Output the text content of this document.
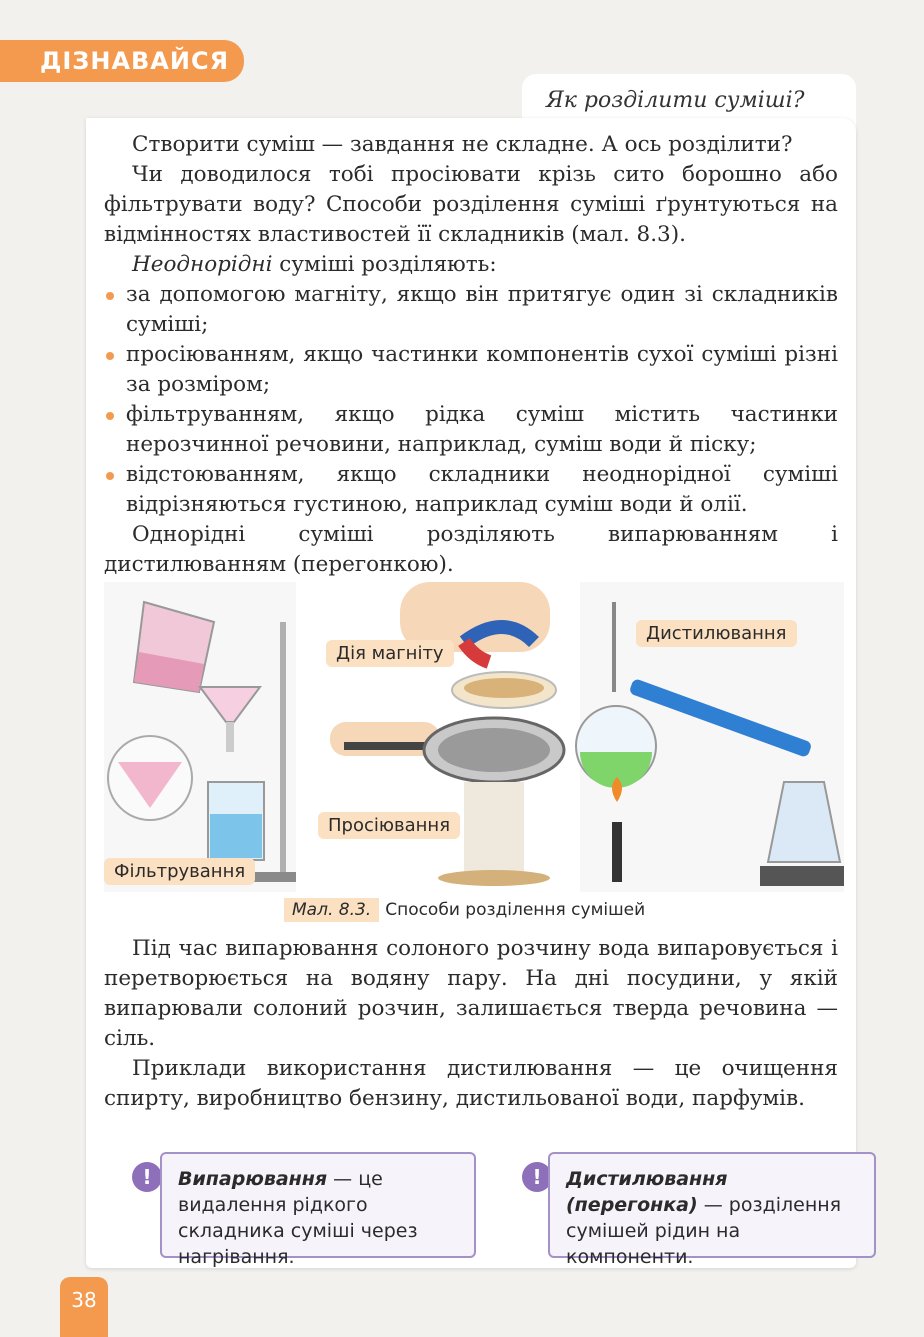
ДІЗНАВАЙСЯ
Як розділити суміші?

Створити суміш — завдання не складне. А ось розділити?

Чи доводилося тобі просіювати крізь сито борошно або фільтрувати воду? Способи розділення суміші ґрунтуються на відмінностях властивостей її складників (мал. 8.3).

Неоднорідні суміші розділяють:

за допомогою магніту, якщо він притягує один зі складників суміші;
просіюванням, якщо частинки компонентів сухої суміші різні за розміром;
фільтруванням, якщо рідка суміш містить частинки нерозчинної речовини, наприклад, суміш води й піску;
відстоюванням, якщо складники неоднорідної суміші відрізняються густиною, наприклад суміш води й олії.

Однорідні суміші розділяють випарюванням і дистилюванням (перегонкою).

Фільтрування
Дія магніту
Просіювання
Дистилювання
Мал. 8.3. Способи розділення сумішей

Під час випарювання солоного розчину вода випаровується і перетворюється на водяну пару. На дні посудини, у якій випарювали солоний розчин, залишається тверда речовина — сіль.

Приклади використання дистилювання — це очищення спирту, виробництво бензину, дистильованої води, парфумів.

!	Випарювання — це видалення рідкого складника суміші через нагрівання.
!	Дистилювання (перегонка) — розділення сумішей рідин на компоненти.
38
